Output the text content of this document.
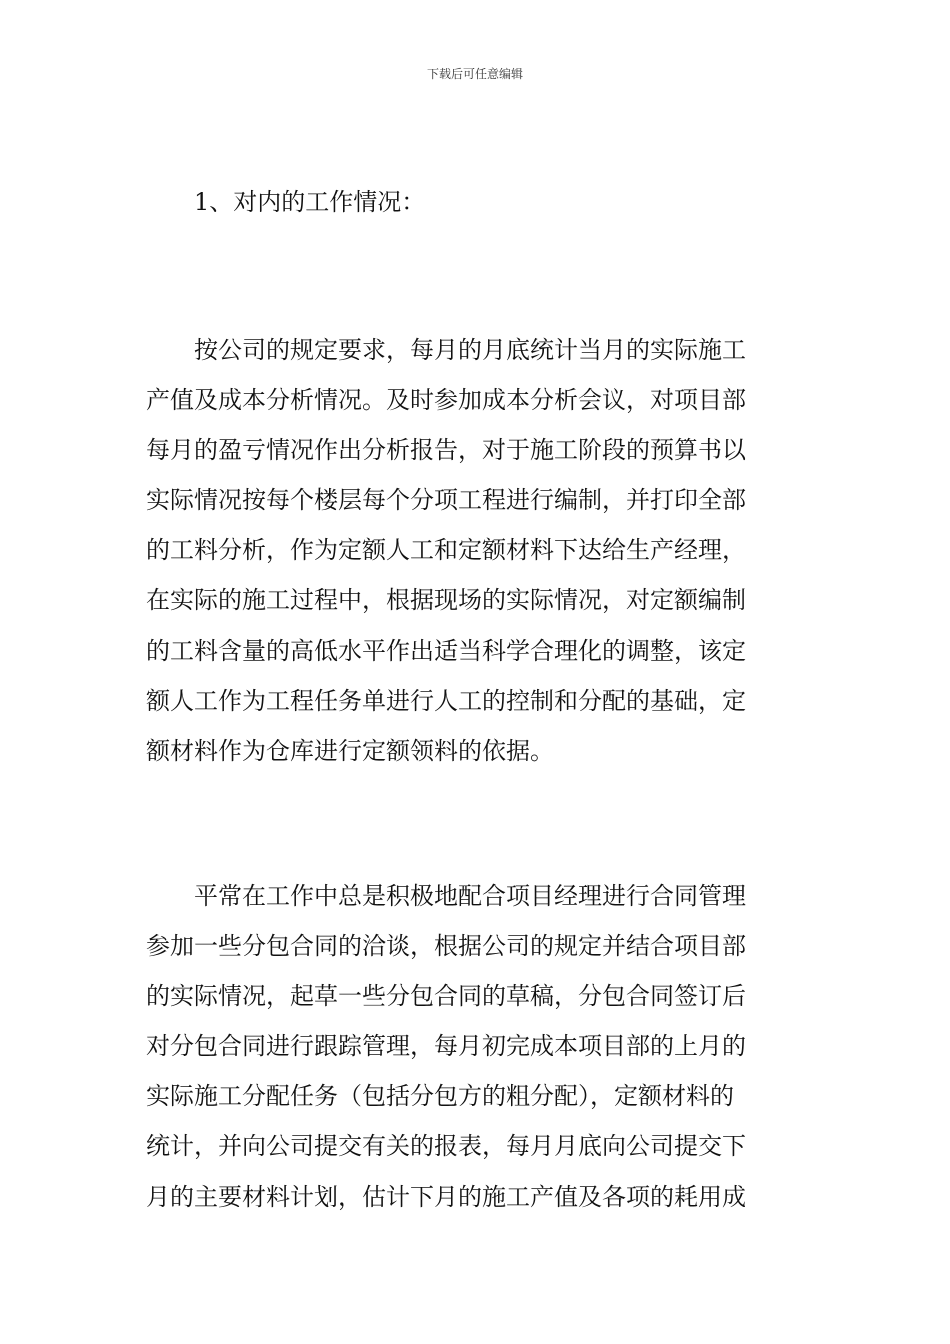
下载后可任意编辑
1、对内的工作情况：
　　按公司的规定要求，每月的月底统计当月的实际施工
产值及成本分析情况。及时参加成本分析会议，对项目部
每月的盈亏情况作出分析报告，对于施工阶段的预算书以
实际情况按每个楼层每个分项工程进行编制，并打印全部
的工料分析，作为定额人工和定额材料下达给生产经理，
在实际的施工过程中，根据现场的实际情况，对定额编制
的工料含量的高低水平作出适当科学合理化的调整，该定
额人工作为工程任务单进行人工的控制和分配的基础，定
额材料作为仓库进行定额领料的依据。
　　平常在工作中总是积极地配合项目经理进行合同管理
参加一些分包合同的洽谈，根据公司的规定并结合项目部
的实际情况，起草一些分包合同的草稿，分包合同签订后
对分包合同进行跟踪管理，每月初完成本项目部的上月的
实际施工分配任务（包括分包方的粗分配），定额材料的
统计，并向公司提交有关的报表，每月月底向公司提交下
月的主要材料计划，估计下月的施工产值及各项的耗用成
